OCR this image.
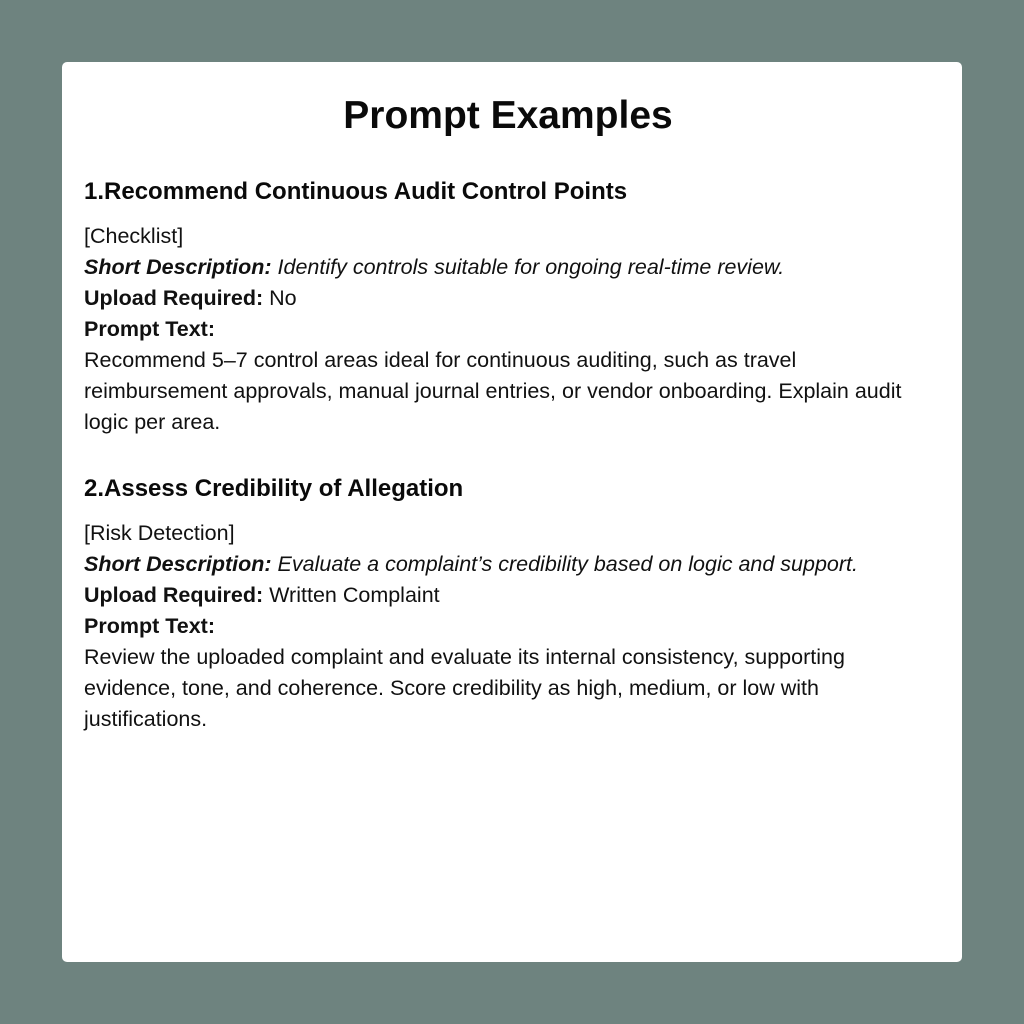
Prompt Examples
1.Recommend Continuous Audit Control Points

[Checklist]

Short Description: Identify controls suitable for ongoing real-time review.

Upload Required: No

Prompt Text:

Recommend 5–7 control areas ideal for continuous auditing, such as travel reimbursement approvals, manual journal entries, or vendor onboarding. Explain audit logic per area.

2.Assess Credibility of Allegation

[Risk Detection]

Short Description: Evaluate a complaint’s credibility based on logic and support.

Upload Required: Written Complaint

Prompt Text:

Review the uploaded complaint and evaluate its internal consistency, supporting evidence, tone, and coherence. Score credibility as high, medium, or low with justifications.
